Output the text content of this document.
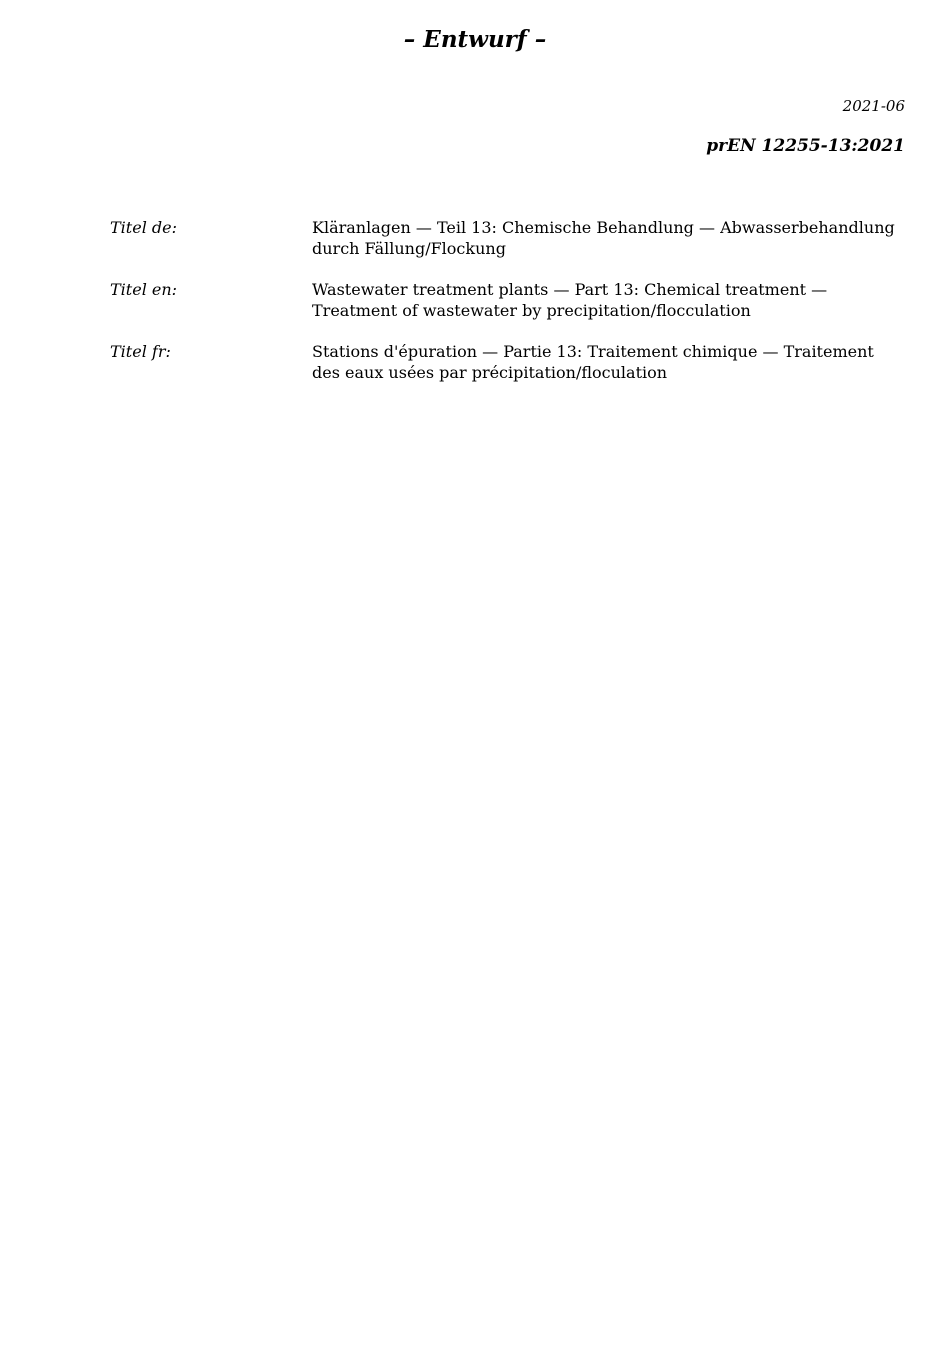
– Entwurf –
2021-06
prEN 12255-13:2021
Titel de:	Kläranlagen — Teil 13: Chemische Behandlung — Abwasserbehandlung durch Fällung/Flockung
Titel en:	Wastewater treatment plants — Part 13: Chemical treatment — Treatment of wastewater by precipitation/flocculation
Titel fr:	Stations d'épuration — Partie 13: Traitement chimique — Traitement des eaux usées par précipitation/floculation
